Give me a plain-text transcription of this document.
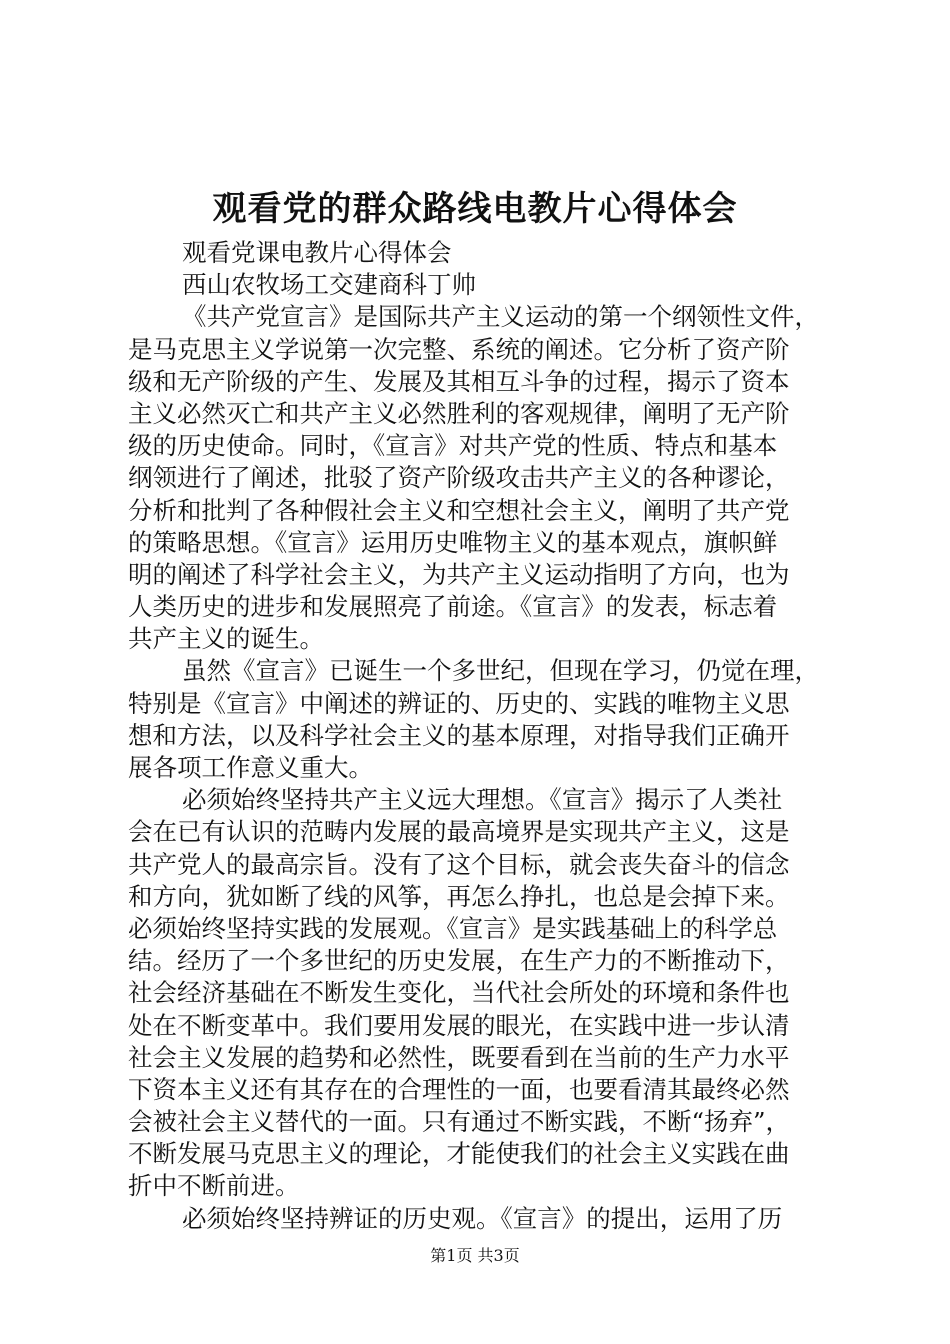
观看党的群众路线电教片心得体会
观看党课电教片心得体会
西山农牧场工交建商科丁帅
《共产党宣言》是国际共产主义运动的第一个纲领性文件，
是马克思主义学说第一次完整、系统的阐述。它分析了资产阶
级和无产阶级的产生、发展及其相互斗争的过程，揭示了资本
主义必然灭亡和共产主义必然胜利的客观规律，阐明了无产阶
级的历史使命。同时，《宣言》对共产党的性质、特点和基本
纲领进行了阐述，批驳了资产阶级攻击共产主义的各种谬论，
分析和批判了各种假社会主义和空想社会主义，阐明了共产党
的策略思想。《宣言》运用历史唯物主义的基本观点，旗帜鲜
明的阐述了科学社会主义，为共产主义运动指明了方向，也为
人类历史的进步和发展照亮了前途。《宣言》的发表，标志着
共产主义的诞生。
虽然《宣言》已诞生一个多世纪，但现在学习，仍觉在理，
特别是《宣言》中阐述的辨证的、历史的、实践的唯物主义思
想和方法，以及科学社会主义的基本原理，对指导我们正确开
展各项工作意义重大。
必须始终坚持共产主义远大理想。《宣言》揭示了人类社
会在已有认识的范畴内发展的最高境界是实现共产主义，这是
共产党人的最高宗旨。没有了这个目标，就会丧失奋斗的信念
和方向，犹如断了线的风筝，再怎么挣扎，也总是会掉下来。
必须始终坚持实践的发展观。《宣言》是实践基础上的科学总
结。经历了一个多世纪的历史发展，在生产力的不断推动下，
社会经济基础在不断发生变化，当代社会所处的环境和条件也
处在不断变革中。我们要用发展的眼光，在实践中进一步认清
社会主义发展的趋势和必然性，既要看到在当前的生产力水平
下资本主义还有其存在的合理性的一面，也要看清其最终必然
会被社会主义替代的一面。只有通过不断实践，不断“扬弃”，
不断发展马克思主义的理论，才能使我们的社会主义实践在曲
折中不断前进。
必须始终坚持辨证的历史观。《宣言》的提出，运用了历
第1页 共3页
